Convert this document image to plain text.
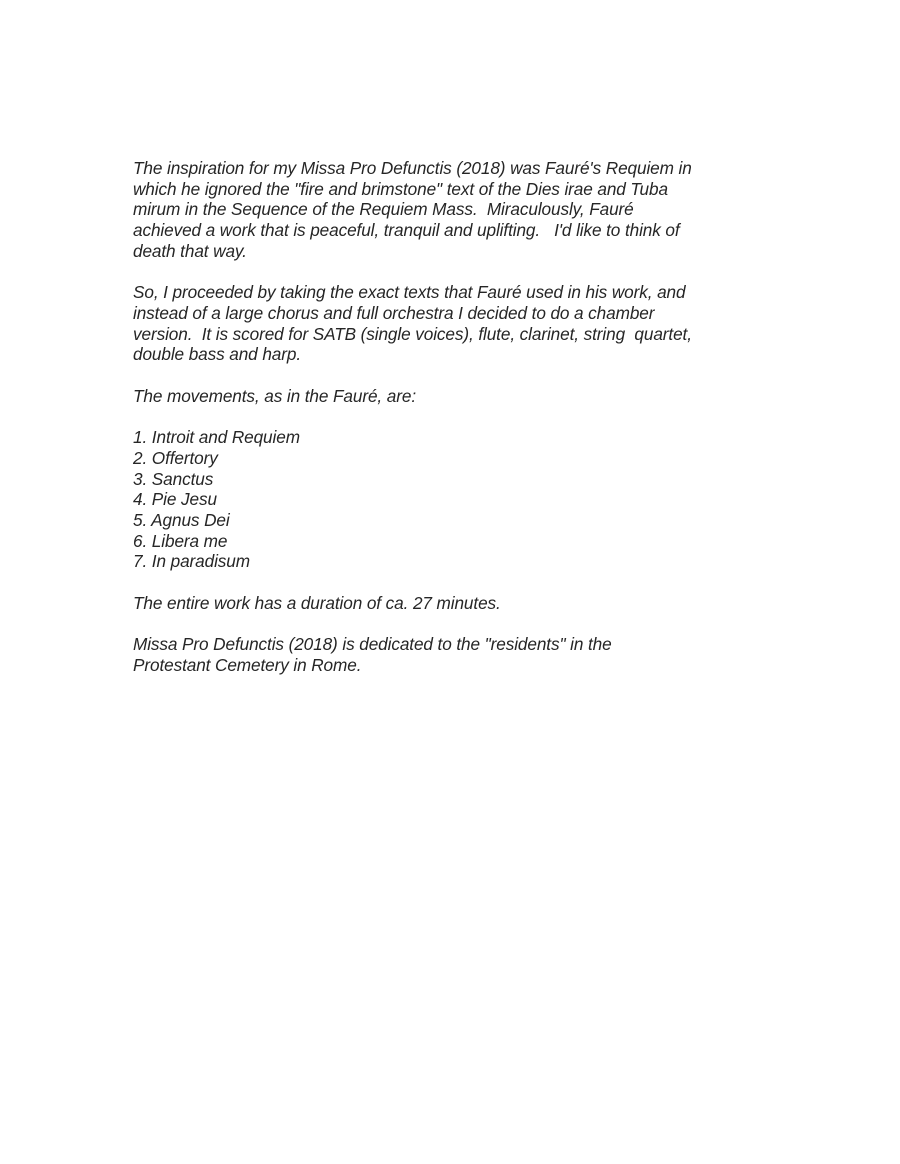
The inspiration for my Missa Pro Defunctis (2018) was Fauré's Requiem in
which he ignored the "fire and brimstone" text of the Dies irae and Tuba
mirum in the Sequence of the Requiem Mass.  Miraculously, Fauré
achieved a work that is peaceful, tranquil and uplifting.   I'd like to think of
death that way.
So, I proceeded by taking the exact texts that Fauré used in his work, and
instead of a large chorus and full orchestra I decided to do a chamber
version.  It is scored for SATB (single voices), flute, clarinet, string  quartet,
double bass and harp.
The movements, as in the Fauré, are:
1. Introit and Requiem
2. Offertory
3. Sanctus
4. Pie Jesu
5. Agnus Dei
6. Libera me
7. In paradisum
The entire work has a duration of ca. 27 minutes.
Missa Pro Defunctis (2018) is dedicated to the "residents" in the
Protestant Cemetery in Rome.
